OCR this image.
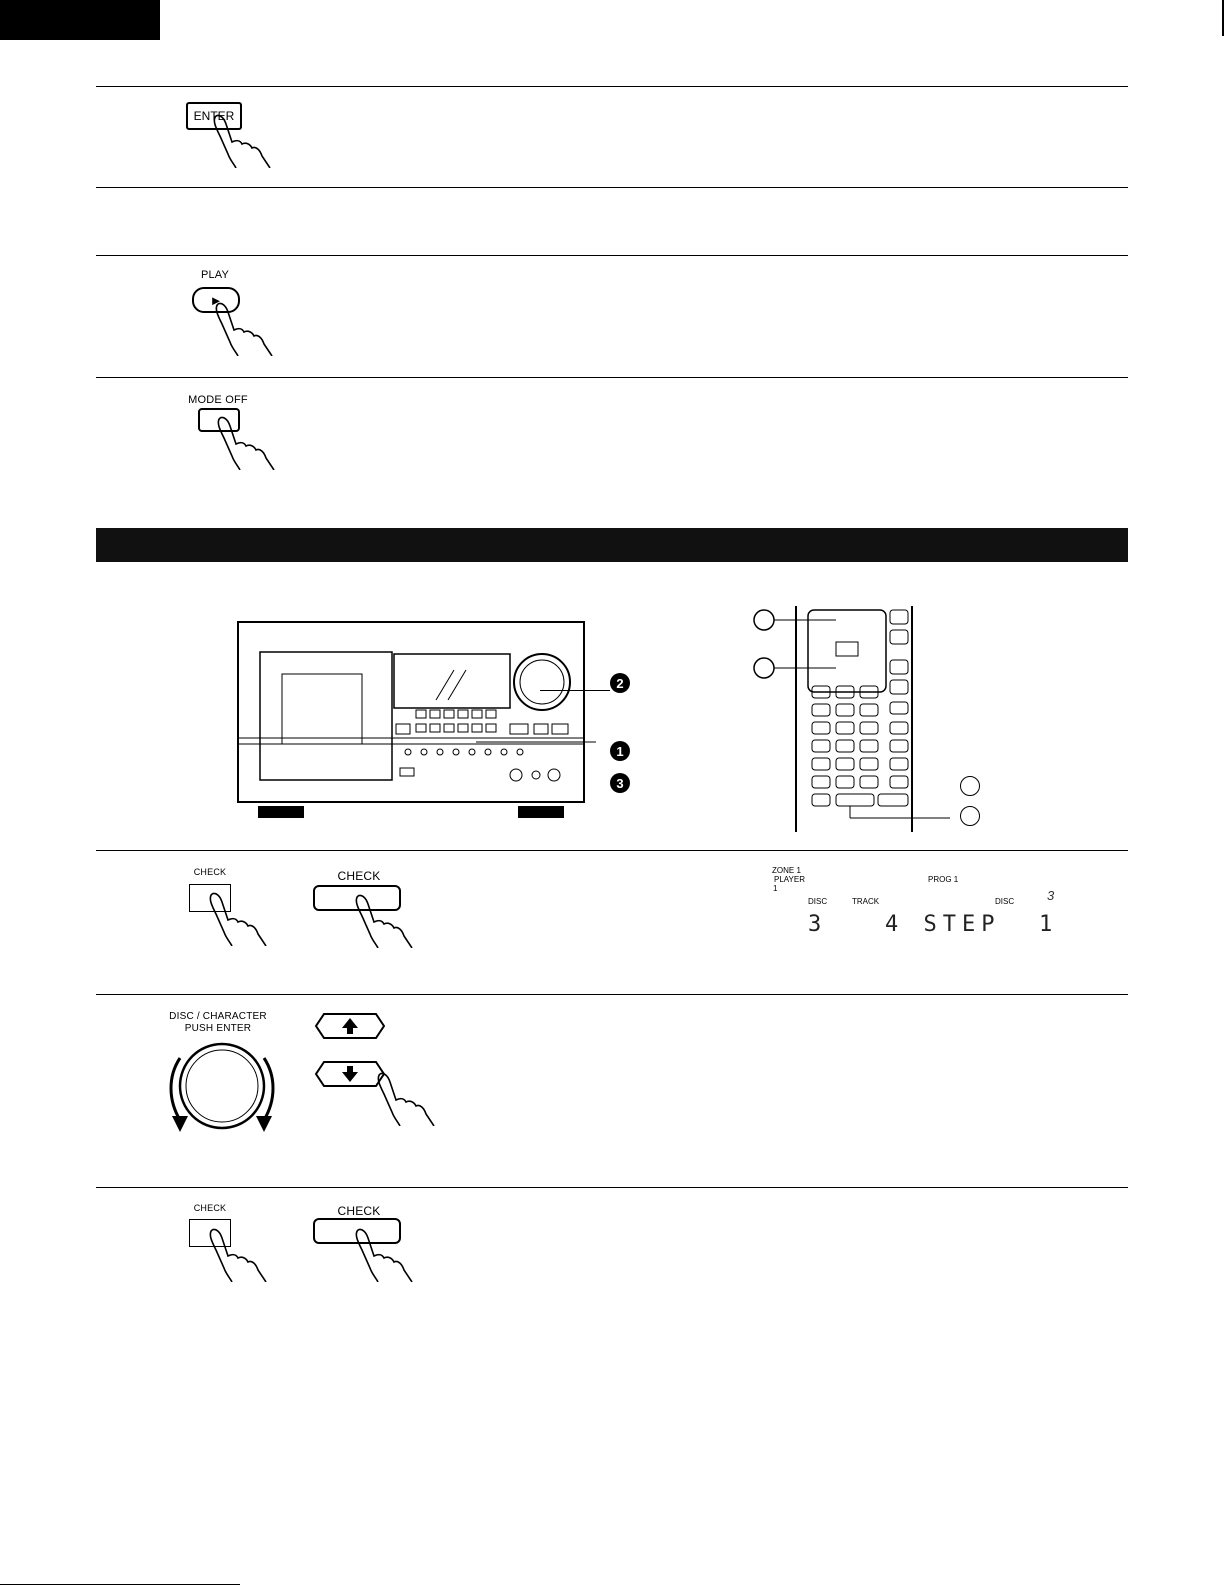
ENTER
PLAY
►
MODE OFF
2
1
3
CHECK	CHECK	ZONE 1
PLAYER
1
PROG 1
DISC	TRACK	DISC	3
3   4 STEP  1
DISC / CHARACTER
PUSH ENTER
CHECK	CHECK
